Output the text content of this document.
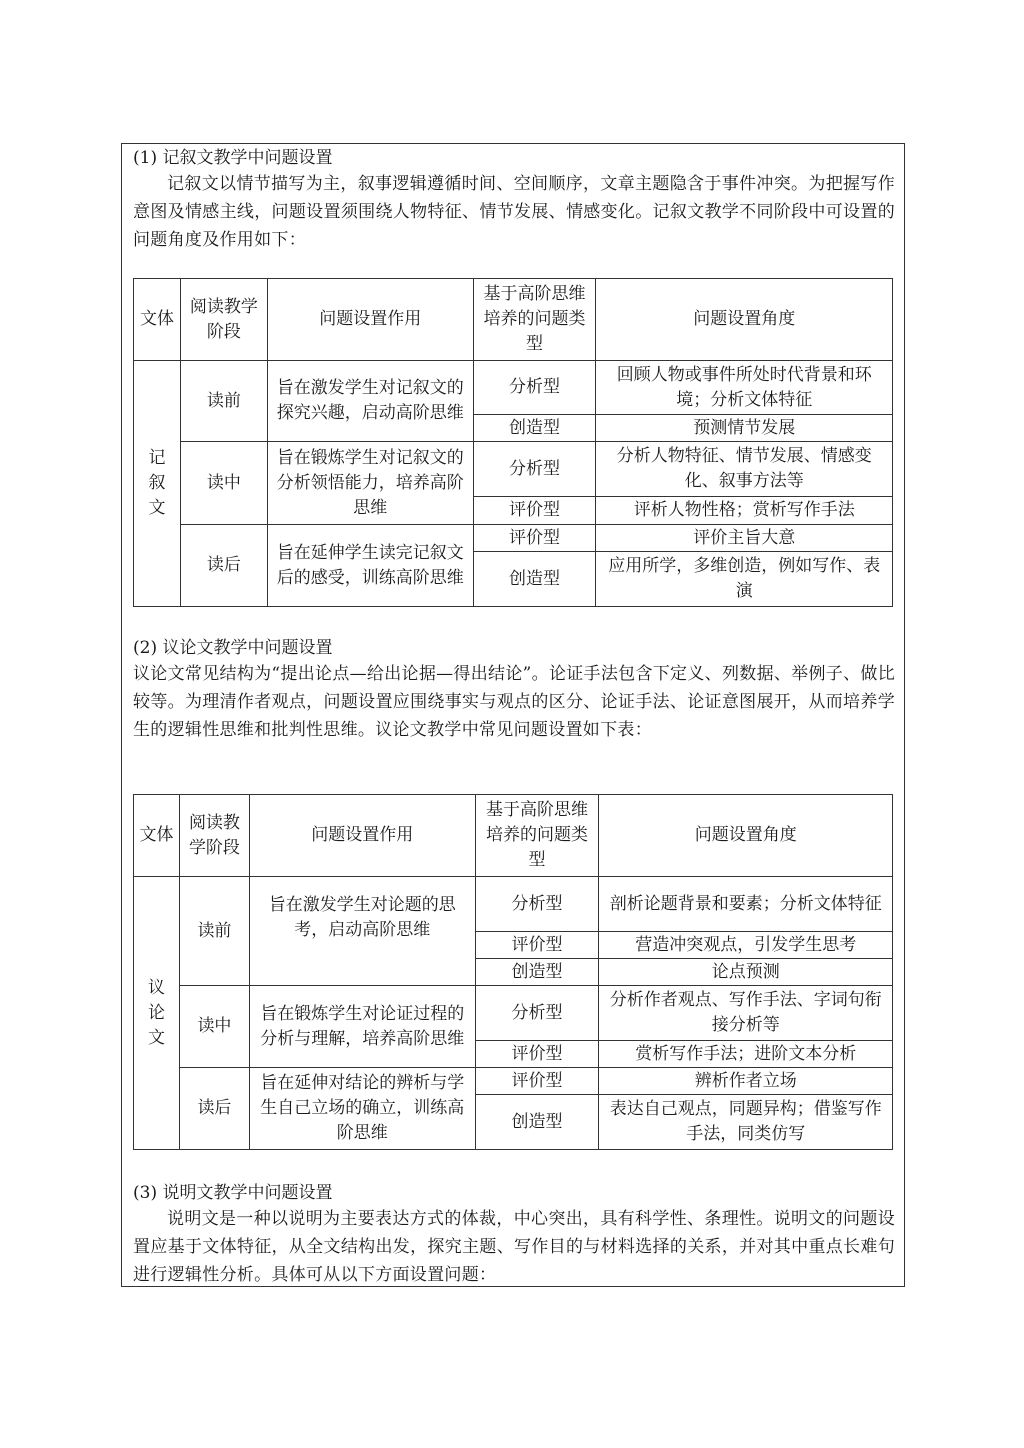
(1) 记叙文教学中问题设置
记叙文以情节描写为主，叙事逻辑遵循时间、空间顺序，文章主题隐含于事件冲突。为把握写作意图及情感主线，问题设置须围绕人物特征、情节发展、情感变化。记叙文教学不同阶段中可设置的问题角度及作用如下：
文体	阅读教学阶段	问题设置作用	基于高阶思维培养的问题类型	问题设置角度
记叙文	读前	旨在激发学生对记叙文的探究兴趣，启动高阶思维	分析型	回顾人物或事件所处时代背景和环境；分析文体特征
			创造型	预测情节发展
	读中	旨在锻炼学生对记叙文的分析领悟能力，培养高阶思维	分析型	分析人物特征、情节发展、情感变化、叙事方法等
			评价型	评析人物性格；赏析写作手法
	读后	旨在延伸学生读完记叙文后的感受，训练高阶思维	评价型	评价主旨大意
			创造型	应用所学，多维创造，例如写作、表演
(2) 议论文教学中问题设置
议论文常见结构为“提出论点—给出论据—得出结论”。论证手法包含下定义、列数据、举例子、做比较等。为理清作者观点，问题设置应围绕事实与观点的区分、论证手法、论证意图展开，从而培养学生的逻辑性思维和批判性思维。议论文教学中常见问题设置如下表：
文体	阅读教学阶段	问题设置作用	基于高阶思维培养的问题类型	问题设置角度
议论文	读前	旨在激发学生对论题的思考，启动高阶思维	分析型	剖析论题背景和要素；分析文体特征
			评价型	营造冲突观点，引发学生思考
			创造型	论点预测
	读中	旨在锻炼学生对论证过程的分析与理解，培养高阶思维	分析型	分析作者观点、写作手法、字词句衔接分析等
			评价型	赏析写作手法；进阶文本分析
	读后	旨在延伸对结论的辨析与学生自己立场的确立，训练高阶思维	评价型	辨析作者立场
			创造型	表达自己观点，同题异构；借鉴写作手法，同类仿写
(3) 说明文教学中问题设置
说明文是一种以说明为主要表达方式的体裁，中心突出，具有科学性、条理性。说明文的问题设置应基于文体特征，从全文结构出发，探究主题、写作目的与材料选择的关系，并对其中重点长难句进行逻辑性分析。具体可从以下方面设置问题：
